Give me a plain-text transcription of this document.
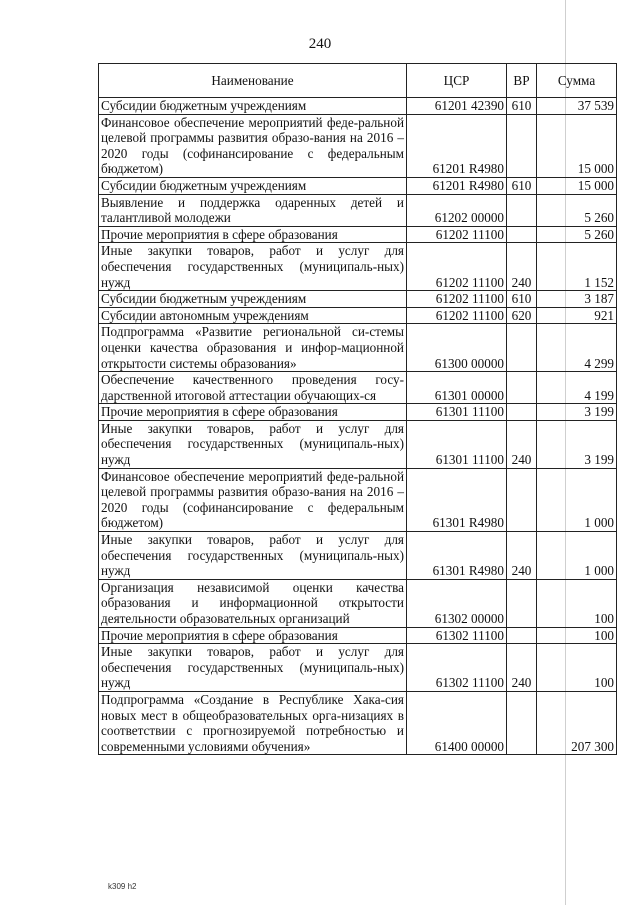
240
Наименование	ЦСР	ВР	Сумма
Субсидии бюджетным учреждениям	61201 42390	610	37 539
Финансовое обеспечение мероприятий феде-ральной целевой программы развития образо-вания на 2016 – 2020 годы (софинансирование с федеральным бюджетом)	61201 R4980		15 000
Субсидии бюджетным учреждениям	61201 R4980	610	15 000
Выявление и поддержка одаренных детей и талантливой молодежи	61202 00000		5 260
Прочие мероприятия в сфере образования	61202 11100		5 260
Иные закупки товаров, работ и услуг для обеспечения государственных (муниципаль-ных) нужд	61202 11100	240	1 152
Субсидии бюджетным учреждениям	61202 11100	610	3 187
Субсидии автономным учреждениям	61202 11100	620	921
Подпрограмма «Развитие региональной си-стемы оценки качества образования и инфор-мационной открытости системы образования»	61300 00000		4 299
Обеспечение качественного проведения госу-дарственной итоговой аттестации обучающих-ся	61301 00000		4 199
Прочие мероприятия в сфере образования	61301 11100		3 199
Иные закупки товаров, работ и услуг для обеспечения государственных (муниципаль-ных) нужд	61301 11100	240	3 199
Финансовое обеспечение мероприятий феде-ральной целевой программы развития образо-вания на 2016 – 2020 годы (софинансирование с федеральным бюджетом)	61301 R4980		1 000
Иные закупки товаров, работ и услуг для обеспечения государственных (муниципаль-ных) нужд	61301 R4980	240	1 000
Организация независимой оценки качества образования и информационной открытости деятельности образовательных организаций	61302 00000		100
Прочие мероприятия в сфере образования	61302 11100		100
Иные закупки товаров, работ и услуг для обеспечения государственных (муниципаль-ных) нужд	61302 11100	240	100
Подпрограмма «Создание в Республике Хака-сия новых мест в общеобразовательных орга-низациях в соответствии с прогнозируемой потребностью и современными условиями обучения»	61400 00000		207 300
k309 h2
